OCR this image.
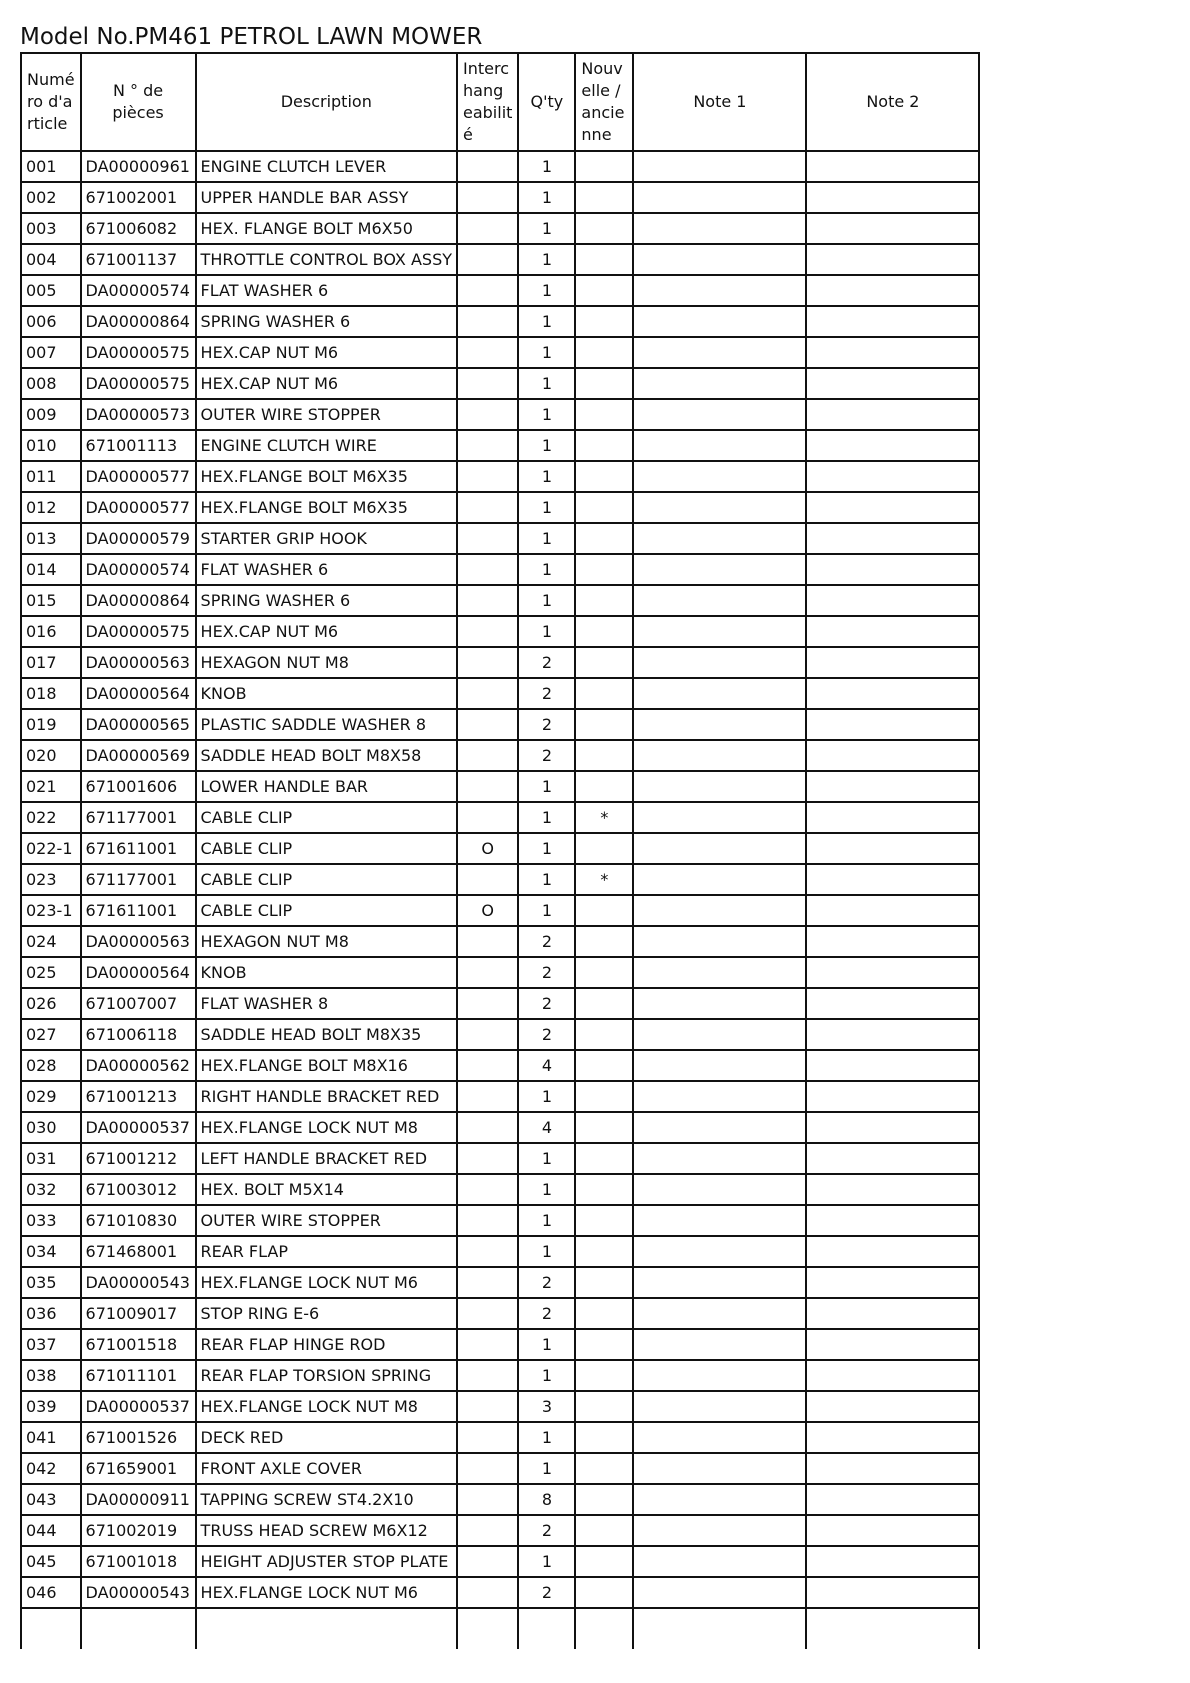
Model No.PM461 PETROL LAWN MOWER
Numé ro d'a rticle	N ° de pièces	Description	Interc hang eabilit é	Q'ty	Nouv elle / ancie nne	Note 1	Note 2
001	DA00000961	ENGINE CLUTCH LEVER		1			
002	671002001	UPPER HANDLE BAR ASSY		1			
003	671006082	HEX. FLANGE BOLT M6X50		1			
004	671001137	THROTTLE CONTROL BOX ASSY		1			
005	DA00000574	FLAT WASHER 6		1			
006	DA00000864	SPRING WASHER 6		1			
007	DA00000575	HEX.CAP NUT M6		1			
008	DA00000575	HEX.CAP NUT M6		1			
009	DA00000573	OUTER WIRE STOPPER		1			
010	671001113	ENGINE CLUTCH WIRE		1			
011	DA00000577	HEX.FLANGE BOLT M6X35		1			
012	DA00000577	HEX.FLANGE BOLT M6X35		1			
013	DA00000579	STARTER GRIP HOOK		1			
014	DA00000574	FLAT WASHER 6		1			
015	DA00000864	SPRING WASHER 6		1			
016	DA00000575	HEX.CAP NUT M6		1			
017	DA00000563	HEXAGON NUT M8		2			
018	DA00000564	KNOB		2			
019	DA00000565	PLASTIC SADDLE WASHER 8		2			
020	DA00000569	SADDLE HEAD BOLT M8X58		2			
021	671001606	LOWER HANDLE BAR		1			
022	671177001	CABLE CLIP		1	*		
022-1	671611001	CABLE CLIP	O	1			
023	671177001	CABLE CLIP		1	*		
023-1	671611001	CABLE CLIP	O	1			
024	DA00000563	HEXAGON NUT M8		2			
025	DA00000564	KNOB		2			
026	671007007	FLAT WASHER 8		2			
027	671006118	SADDLE HEAD BOLT M8X35		2			
028	DA00000562	HEX.FLANGE BOLT M8X16		4			
029	671001213	RIGHT HANDLE BRACKET RED		1			
030	DA00000537	HEX.FLANGE LOCK NUT M8		4			
031	671001212	LEFT HANDLE BRACKET RED		1			
032	671003012	HEX. BOLT M5X14		1			
033	671010830	OUTER WIRE STOPPER		1			
034	671468001	REAR FLAP		1			
035	DA00000543	HEX.FLANGE LOCK NUT M6		2			
036	671009017	STOP RING E-6		2			
037	671001518	REAR FLAP HINGE ROD		1			
038	671011101	REAR FLAP TORSION SPRING		1			
039	DA00000537	HEX.FLANGE LOCK NUT M8		3			
041	671001526	DECK RED		1			
042	671659001	FRONT AXLE COVER		1			
043	DA00000911	TAPPING SCREW ST4.2X10		8			
044	671002019	TRUSS HEAD SCREW M6X12		2			
045	671001018	HEIGHT ADJUSTER STOP PLATE		1			
046	DA00000543	HEX.FLANGE LOCK NUT M6		2			
